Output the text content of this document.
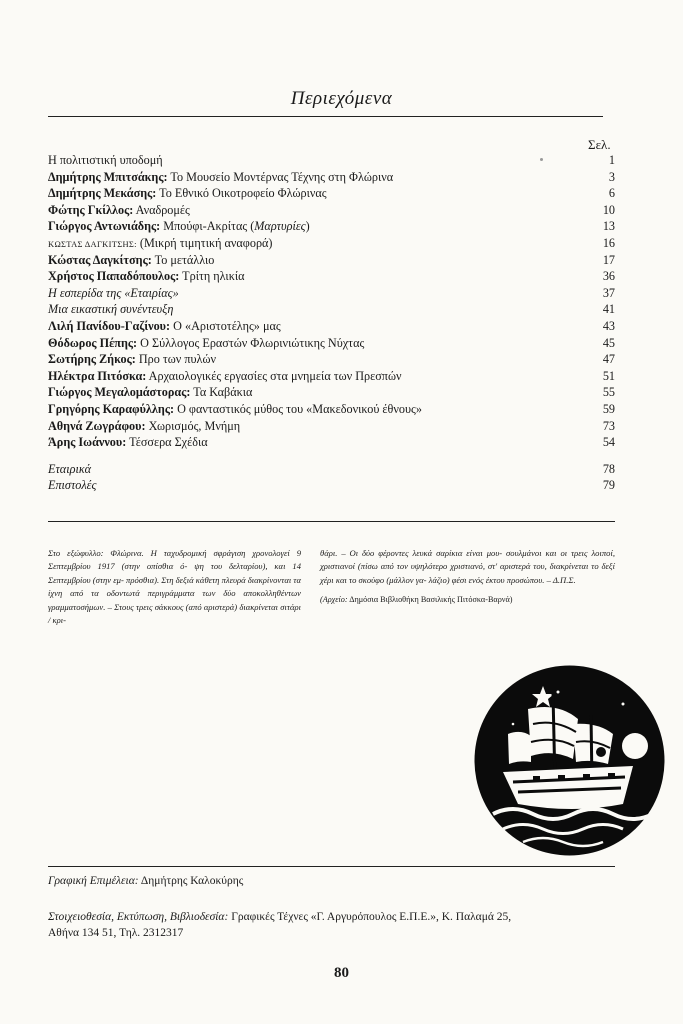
Περιεχόμενα
Σελ.
Η πολιτιστική υποδομή	1
Δημήτρης Μπιτσάκης: Το Μουσείο Μοντέρνας Τέχνης στη Φλώρινα	3
Δημήτρης Μεκάσης: Το Εθνικό Οικοτροφείο Φλώρινας	6
Φώτης Γκίλλος: Αναδρομές	10
Γιώργος Αντωνιάδης: Μπούφι-Ακρίτας (Μαρτυρίες)	13
ΚΩΣΤΑΣ ΔΑΓΚΙΤΣΗΣ: (Μικρή τιμητική αναφορά)	16
Κώστας Δαγκίτσης: Το μετάλλιο	17
Χρήστος Παπαδόπουλος: Τρίτη ηλικία	36
Η εσπερίδα της «Εταιρίας»	37
Μια εικαστική συνέντευξη	41
Λιλή Πανίδου-Γαζίνου: Ο «Αριστοτέλης» μας	43
Θόδωρος Πέπης: Ο Σύλλογος Εραστών Φλωρινιώτικης Νύχτας	45
Σωτήρης Ζήκος: Προ των πυλών	47
Ηλέκτρα Πιτόσκα: Αρχαιολογικές εργασίες στα μνημεία των Πρεσπών	51
Γιώργος Μεγαλομάστορας: Τα Καβάκια	55
Γρηγόρης Καραφύλλης: Ο φανταστικός μύθος του «Μακεδονικού έθνους»	59
Αθηνά Ζωγράφου: Χωρισμός, Μνήμη	73
Άρης Ιωάννου: Τέσσερα Σχέδια	54
Εταιρικά	78
Επιστολές	79
Στο εξώφυλλο: Φλώρινα. Η ταχυδρομική σφράγιση χρονολογεί 9 Σεπτεμβρίου 1917 (στην οπίσθια ό- ψη του δελταρίου), και 14 Σεπτεμβρίου (στην εμ- πρόσθια). Στη δεξιά κάθετη πλευρά διακρίνονται τα ίχνη από τα οδοντωτά περιγράμματα των δύο αποκολληθέντων γραμματοσήμων. – Στους τρεις σάκκους (από αριστερά) διακρίνεται σιτάρι / κρι-
θάρι. – Οι δύο φέροντες λευκά σαρίκια είναι μου- σουλμάνοι και οι τρεις λοιποί, χριστιανοί (πίσω από τον υψηλότερο χριστιανό, στ' αριστερά του, διακρίνεται το δεξί χέρι και το σκούφο (μάλλον γα- λάζιο) φέσι ενός έκτου προσώπου. – Δ.Π.Σ.
(Αρχείο: Δημόσια Βιβλιοθήκη Βασιλικής Πιτόσκα-Βαρνά)
Γραφική Επιμέλεια: Δημήτρης Καλοκύρης
Στοιχειοθεσία, Εκτύπωση, Βιβλιοδεσία: Γραφικές Τέχνες «Γ. Αργυρόπουλος Ε.Π.Ε.», Κ. Παλαμά 25,
Αθήνα 134 51, Τηλ. 2312317
80
